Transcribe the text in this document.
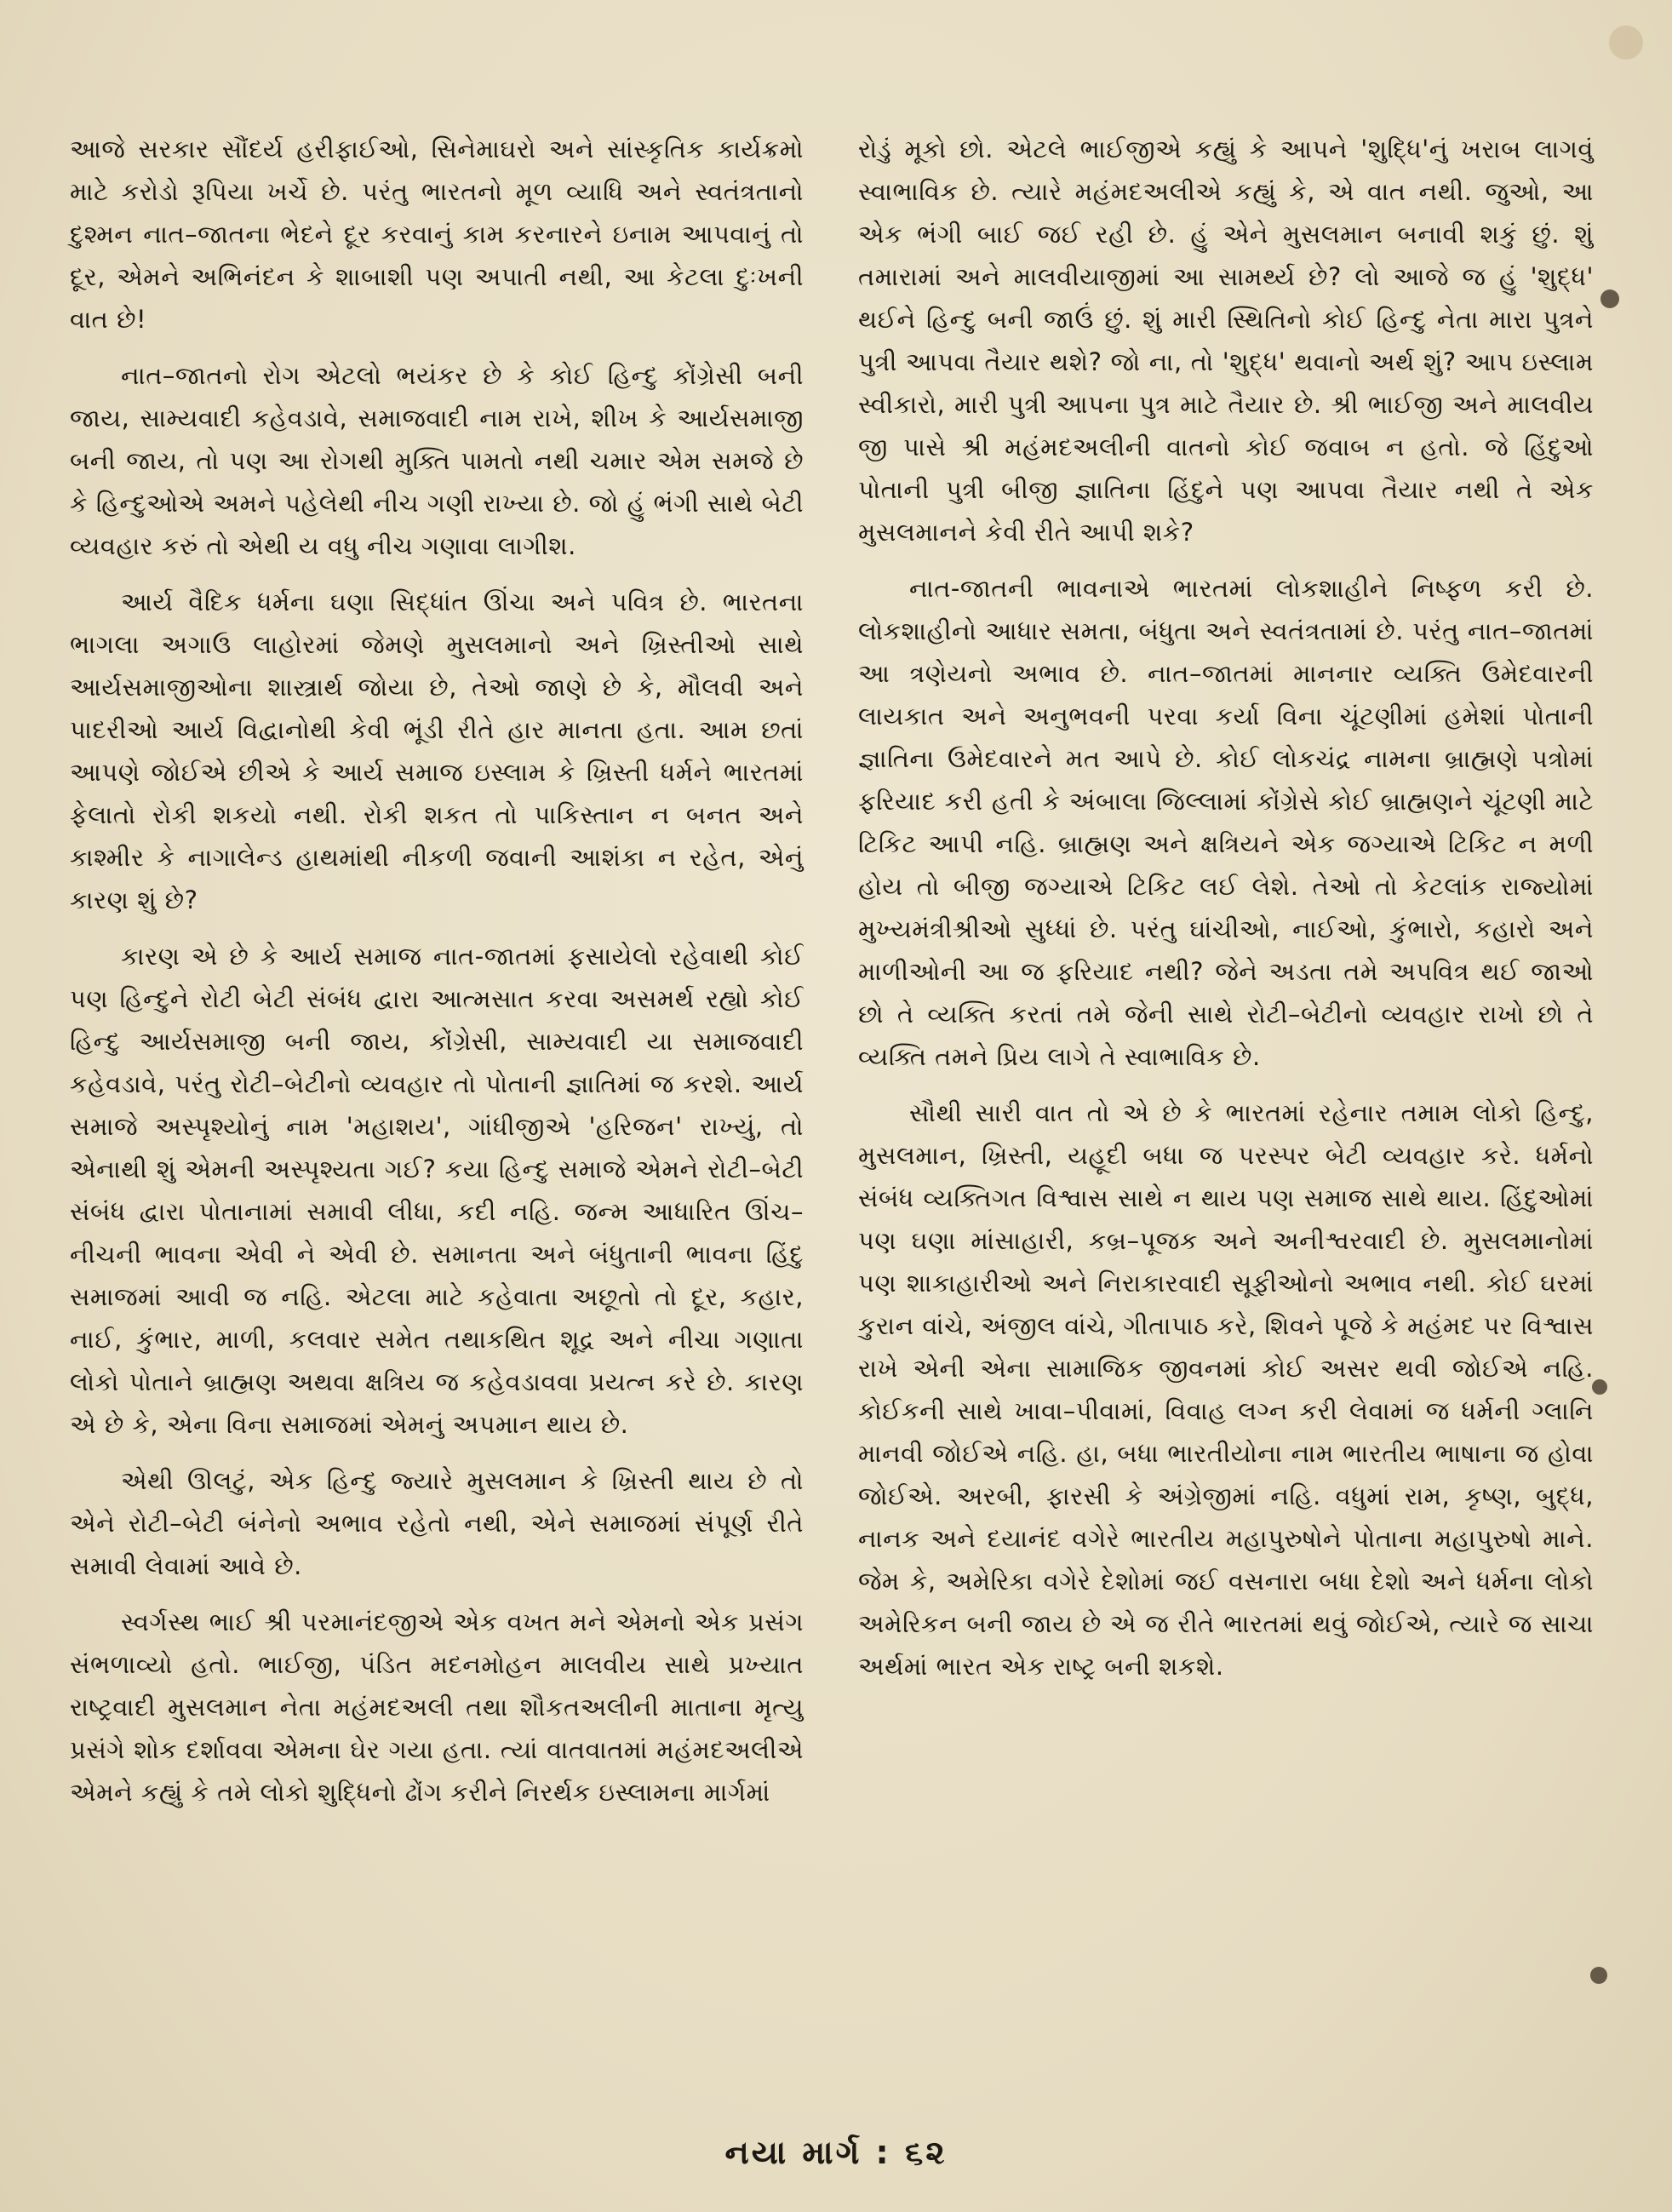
આજે સરકાર સૌંદર્ય હરીફાઈઓ, સિનેમાઘરો અને સાંસ્કૃતિક કાર્યક્રમો માટે કરોડો રૂપિયા ખર્ચે છે. પરંતુ ભારતનો મૂળ વ્યાધિ અને સ્વતંત્રતાનો દુશ્મન નાત–જાતના ભેદને દૂર કરવાનું કામ કરનારને ઇનામ આપવાનું તો દૂર, એમને અભિનંદન કે શાબાશી પણ અપાતી નથી, આ કેટલા દુઃખની વાત છે!

નાત–જાતનો રોગ એટલો ભયંકર છે કે કોઈ હિન્દુ કોંગ્રેસી બની જાય, સામ્યવાદી કહેવડાવે, સમાજવાદી નામ રાખે, શીખ કે આર્યસમાજી બની જાય, તો પણ આ રોગથી મુક્તિ પામતો નથી ચમાર એમ સમજે છે કે હિન્દુઓએ અમને પહેલેથી નીચ ગણી રાખ્યા છે. જો હું ભંગી સાથે બેટી વ્યવહાર કરું તો એથી ય વધુ નીચ ગણાવા લાગીશ.

આર્ય વૈદિક ધર્મના ઘણા સિદ્ધાંત ઊંચા અને પવિત્ર છે. ભારતના ભાગલા અગાઉ લાહોરમાં જેમણે મુસલમાનો અને ખ્રિસ્તીઓ સાથે આર્યસમાજીઓના શાસ્ત્રાર્થ જોયા છે, તેઓ જાણે છે કે, મૌલવી અને પાદરીઓ આર્ય વિદ્વાનોથી કેવી ભૂંડી રીતે હાર માનતા હતા. આમ છતાં આપણે જોઈએ છીએ કે આર્ય સમાજ ઇસ્લામ કે ખ્રિસ્તી ધર્મને ભારતમાં ફેલાતો રોકી શકયો નથી. રોકી શકત તો પાકિસ્તાન ન બનત અને કાશ્મીર કે નાગાલેન્ડ હાથમાંથી નીકળી જવાની આશંકા ન રહેત, એનું કારણ શું છે?

કારણ એ છે કે આર્ય સમાજ નાત-જાતમાં ફસાયેલો રહેવાથી કોઈ પણ હિન્દુને રોટી બેટી સંબંધ દ્વારા આત્મસાત કરવા અસમર્થ રહ્યો કોઈ હિન્દુ આર્યસમાજી બની જાય, કોંગ્રેસી, સામ્યવાદી યા સમાજવાદી કહેવડાવે, પરંતુ રોટી–બેટીનો વ્યવહાર તો પોતાની જ્ઞાતિમાં જ કરશે. આર્ય સમાજે અસ્પૃશ્યોનું નામ 'મહાશય', ગાંધીજીએ 'હરિજન' રાખ્યું, તો એનાથી શું એમની અસ્પૃશ્યતા ગઈ? કયા હિન્દુ સમાજે એમને રોટી–બેટી સંબંધ દ્વારા પોતાનામાં સમાવી લીધા, કદી નહિ. જન્મ આધારિત ઊંચ–નીચની ભાવના એવી ને એવી છે. સમાનતા અને બંધુતાની ભાવના હિંદુ સમાજમાં આવી જ નહિ. એટલા માટે કહેવાતા અછૂતો તો દૂર, કહાર, નાઈ, કુંભાર, માળી, કલવાર સમેત તથાકથિત શૂદ્ર અને નીચા ગણાતા લોકો પોતાને બ્રાહ્મણ અથવા ક્ષત્રિય જ કહેવડાવવા પ્રયત્ન કરે છે. કારણ એ છે કે, એના વિના સમાજમાં એમનું અપમાન થાય છે.

એથી ઊલટું, એક હિન્દુ જ્યારે મુસલમાન કે ખ્રિસ્તી થાય છે તો એને રોટી–બેટી બંનેનો અભાવ રહેતો નથી, એને સમાજમાં સંપૂર્ણ રીતે સમાવી લેવામાં આવે છે.

સ્વર્ગસ્થ ભાઈ શ્રી પરમાનંદજીએ એક વખત મને એમનો એક પ્રસંગ સંભળાવ્યો હતો. ભાઈજી, પંડિત મદનમોહન માલવીય સાથે પ્રખ્યાત રાષ્ટ્રવાદી મુસલમાન નેતા મહંમદઅલી તથા શૌકતઅલીની માતાના મૃત્યુ પ્રસંગે શોક દર્શાવવા એમના ઘેર ગયા હતા. ત્યાં વાતવાતમાં મહંમદઅલીએ એમને કહ્યું કે તમે લોકો શુદ્ધિનો ઢોંગ કરીને નિરર્થક ઇસ્લામના માર્ગમાં

રોડું મૂકો છો. એટલે ભાઈજીએ કહ્યું કે આપને 'શુદ્ધિ'નું ખરાબ લાગવું સ્વાભાવિક છે. ત્યારે મહંમદઅલીએ કહ્યું કે, એ વાત નથી. જુઓ, આ એક ભંગી બાઈ જઈ રહી છે. હું એને મુસલમાન બનાવી શકું છું. શું તમારામાં અને માલવીયાજીમાં આ સામર્થ્ય છે? લો આજે જ હું 'શુદ્ધ' થઈને હિન્દુ બની જાઉં છું. શું મારી સ્થિતિનો કોઈ હિન્દુ નેતા મારા પુત્રને પુત્રી આપવા તૈયાર થશે? જો ના, તો 'શુદ્ધ' થવાનો અર્થ શું? આપ ઇસ્લામ સ્વીકારો, મારી પુત્રી આપના પુત્ર માટે તૈયાર છે. શ્રી ભાઈજી અને માલવીય જી પાસે શ્રી મહંમદઅલીની વાતનો કોઈ જવાબ ન હતો. જે હિંદુઓ પોતાની પુત્રી બીજી જ્ઞાતિના હિંદુને પણ આપવા તૈયાર નથી તે એક મુસલમાનને કેવી રીતે આપી શકે?

નાત-જાતની ભાવનાએ ભારતમાં લોકશાહીને નિષ્ફળ કરી છે. લોકશાહીનો આધાર સમતા, બંધુતા અને સ્વતંત્રતામાં છે. પરંતુ નાત–જાતમાં આ ત્રણેયનો અભાવ છે. નાત–જાતમાં માનનાર વ્યક્તિ ઉમેદવારની લાયકાત અને અનુભવની પરવા કર્યા વિના ચૂંટણીમાં હમેશાં પોતાની જ્ઞાતિના ઉમેદવારને મત આપે છે. કોઈ લોકચંદ્ર નામના બ્રાહ્મણે પત્રોમાં ફરિયાદ કરી હતી કે અંબાલા જિલ્લામાં કોંગ્રેસે કોઈ બ્રાહ્મણને ચૂંટણી માટે ટિકિટ આપી નહિ. બ્રાહ્મણ અને ક્ષત્રિયને એક જગ્યાએ ટિકિટ ન મળી હોય તો બીજી જગ્યાએ ટિકિટ લઈ લેશે. તેઓ તો કેટલાંક રાજ્યોમાં મુખ્યમંત્રીશ્રીઓ સુધ્ધાં છે. પરંતુ ઘાંચીઓ, નાઈઓ, કુંભારો, કહારો અને માળીઓની આ જ ફરિયાદ નથી? જેને અડતા તમે અપવિત્ર થઈ જાઓ છો તે વ્યક્તિ કરતાં તમે જેની સાથે રોટી–બેટીનો વ્યવહાર રાખો છો તે વ્યક્તિ તમને પ્રિય લાગે તે સ્વાભાવિક છે.

સૌથી સારી વાત તો એ છે કે ભારતમાં રહેનાર તમામ લોકો હિન્દુ, મુસલમાન, ખ્રિસ્તી, યહૂદી બધા જ પરસ્પર બેટી વ્યવહાર કરે. ધર્મનો સંબંધ વ્યક્તિગત વિશ્વાસ સાથે ન થાય પણ સમાજ સાથે થાય. હિંદુઓમાં પણ ઘણા માંસાહારી, કબ્ર–પૂજક અને અનીશ્વરવાદી છે. મુસલમાનોમાં પણ શાકાહારીઓ અને નિરાકારવાદી સૂફીઓનો અભાવ નથી. કોઈ ઘરમાં કુરાન વાંચે, અંજીલ વાંચે, ગીતાપાઠ કરે, શિવને પૂજે કે મહંમદ પર વિશ્વાસ રાખે એની એના સામાજિક જીવનમાં કોઈ અસર થવી જોઈએ નહિ. કોઈકની સાથે ખાવા–પીવામાં, વિવાહ લગ્ન કરી લેવામાં જ ધર્મની ગ્લાનિ માનવી જોઈએ નહિ. હા, બધા ભારતીયોના નામ ભારતીય ભાષાના જ હોવા જોઈએ. અરબી, ફારસી કે અંગ્રેજીમાં નહિ. વધુમાં રામ, કૃષ્ણ, બુદ્ધ, નાનક અને દયાનંદ વગેરે ભારતીય મહાપુરુષોને પોતાના મહાપુરુષો માને. જેમ કે, અમેરિકા વગેરે દેશોમાં જઈ વસનારા બધા દેશો અને ધર્મના લોકો અમેરિકન બની જાય છે એ જ રીતે ભારતમાં થવું જોઈએ, ત્યારે જ સાચા અર્થમાં ભારત એક રાષ્ટ્ર બની શકશે.

નયા માર્ગ : ૬૨
